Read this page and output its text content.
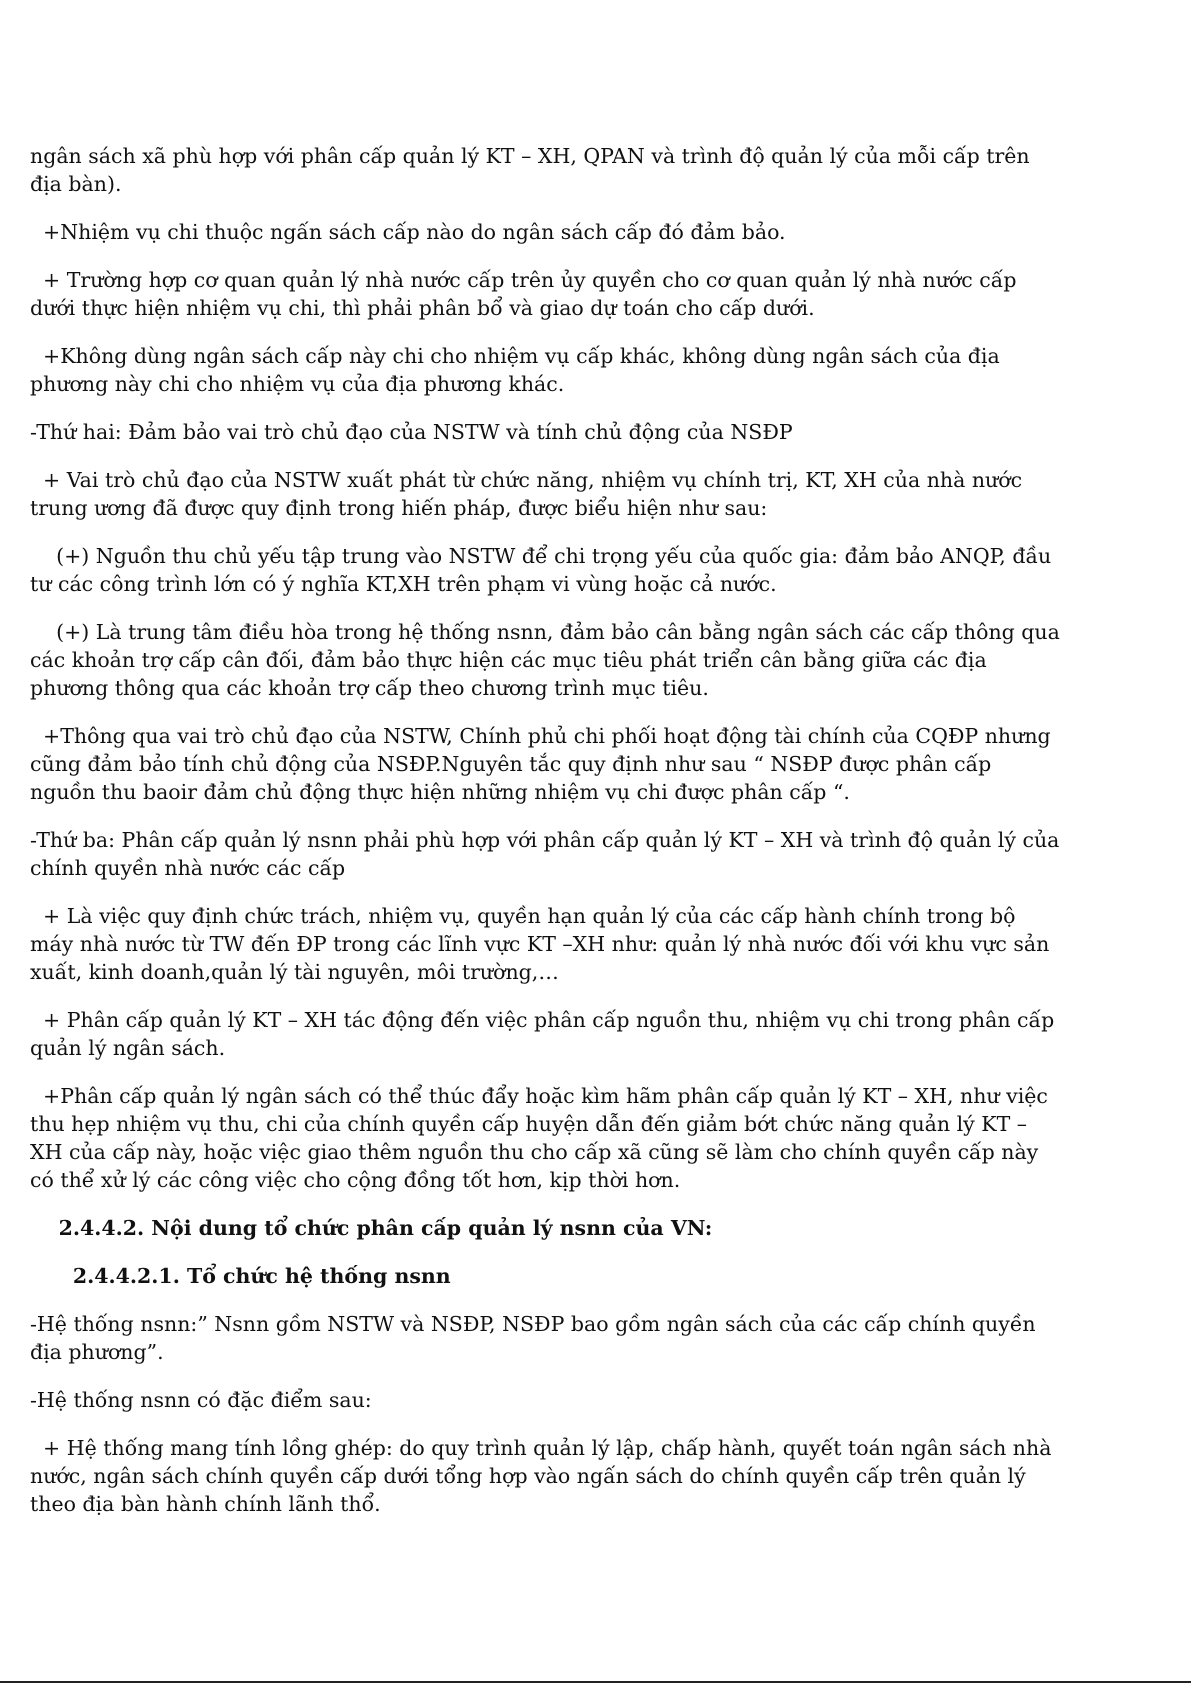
ngân sách xã phù hợp với phân cấp quản lý KT – XH, QPAN và trình độ quản lý của mỗi cấp trên địa bàn).

+Nhiệm vụ chi thuộc ngấn sách cấp nào do ngân sách cấp đó đảm bảo.

+ Trường hợp cơ quan quản lý nhà nước cấp trên ủy quyền cho cơ quan quản lý nhà nước cấp dưới thực hiện nhiệm vụ chi, thì phải phân bổ và giao dự toán cho cấp dưới.

+Không dùng ngân sách cấp này chi cho nhiệm vụ cấp khác, không dùng ngân sách của địa phương này chi cho nhiệm vụ của địa phương khác.

-Thứ hai: Đảm bảo vai trò chủ đạo của NSTW và tính chủ động của NSĐP

+ Vai trò chủ đạo của NSTW xuất phát từ chức năng, nhiệm vụ chính trị, KT, XH của nhà nước trung ương đã được quy định trong hiến pháp, được biểu hiện như sau:

(+) Nguồn thu chủ yếu tập trung vào NSTW để chi trọng yếu của quốc gia: đảm bảo ANQP, đầu tư các công trình lớn có ý nghĩa KT,XH trên phạm vi vùng hoặc cả nước.

(+) Là trung tâm điều hòa trong hệ thống nsnn, đảm bảo cân bằng ngân sách các cấp thông qua các khoản trợ cấp cân đối, đảm bảo thực hiện các mục tiêu phát triển cân bằng giữa các địa phương thông qua các khoản trợ cấp theo chương trình mục tiêu.

+Thông qua vai trò chủ đạo của NSTW, Chính phủ chi phối hoạt động tài chính của CQĐP nhưng cũng đảm bảo tính chủ động của NSĐP.Nguyên tắc quy định như sau “ NSĐP được phân cấp nguồn thu baoir đảm chủ động thực hiện những nhiệm vụ chi được phân cấp “.

-Thứ ba: Phân cấp quản lý nsnn phải phù hợp với phân cấp quản lý KT – XH và trình độ quản lý của chính quyền nhà nước các cấp

+ Là việc quy định chức trách, nhiệm vụ, quyền hạn quản lý của các cấp hành chính trong bộ máy nhà nước từ TW đến ĐP trong các lĩnh vực KT –XH như: quản lý nhà nước đối với khu vực sản xuất, kinh doanh,quản lý tài nguyên, môi trường,…

+ Phân cấp quản lý KT – XH tác động đến việc phân cấp nguồn thu, nhiệm vụ chi trong phân cấp quản lý ngân sách.

+Phân cấp quản lý ngân sách có thể thúc đẩy hoặc kìm hãm phân cấp quản lý KT – XH, như việc thu hẹp nhiệm vụ thu, chi của chính quyền cấp huyện dẫn đến giảm bớt chức năng quản lý KT – XH của cấp này, hoặc việc giao thêm nguồn thu cho cấp xã cũng sẽ làm cho chính quyền cấp này có thể xử lý các công việc cho cộng đồng tốt hơn, kịp thời hơn.

2.4.4.2. Nội dung tổ chức phân cấp quản lý nsnn của VN:

2.4.4.2.1. Tổ chức hệ thống nsnn

-Hệ thống nsnn:” Nsnn gồm NSTW và NSĐP, NSĐP bao gồm ngân sách của các cấp chính quyền địa phương”.

-Hệ thống nsnn có đặc điểm sau:

+ Hệ thống mang tính lồng ghép: do quy trình quản lý lập, chấp hành, quyết toán ngân sách nhà nước, ngân sách chính quyền cấp dưới tổng hợp vào ngấn sách do chính quyền cấp trên quản lý theo địa bàn hành chính lãnh thổ.
